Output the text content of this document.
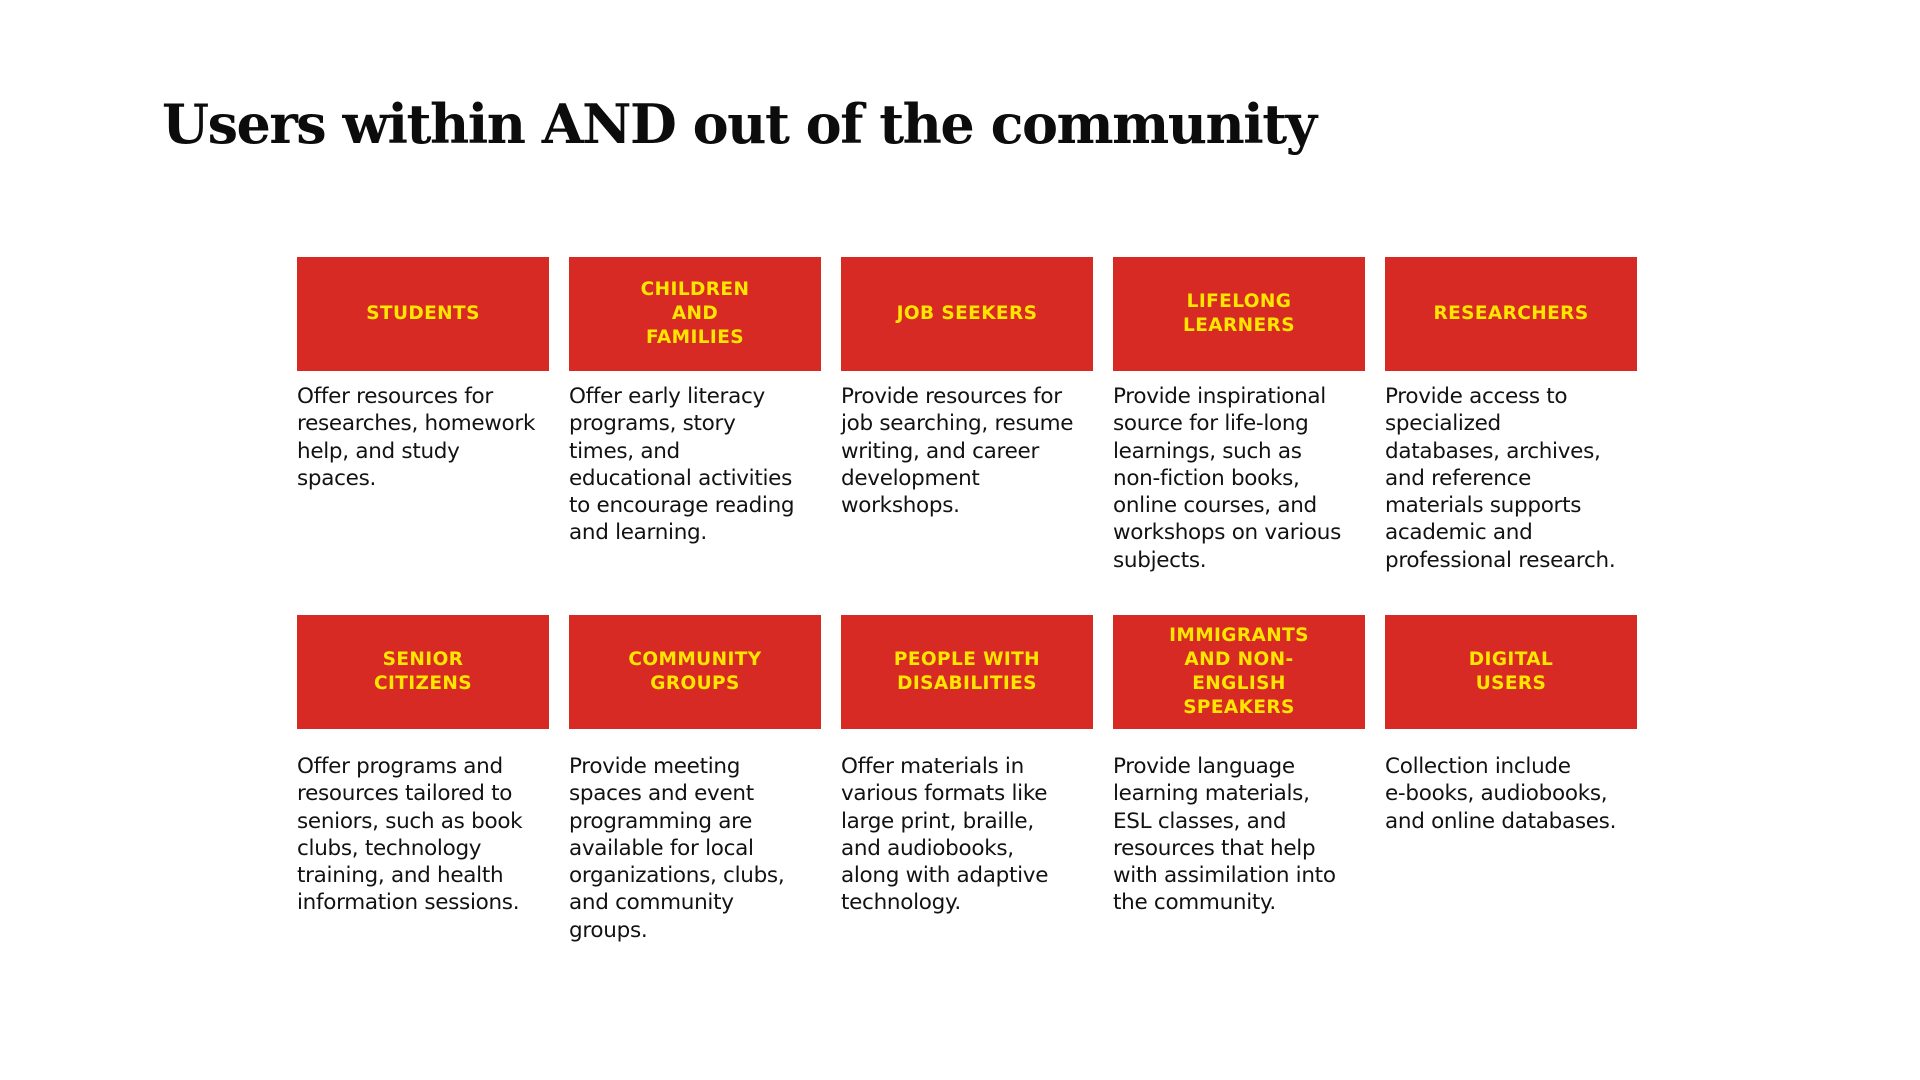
Users within AND out of the community
STUDENTS

Offer resources for
researches, homework
help, and study
spaces.

CHILDREN
AND
FAMILIES

Offer early literacy
programs, story
times, and
educational activities
to encourage reading
and learning.

JOB SEEKERS

Provide resources for
job searching, resume
writing, and career
development
workshops.

LIFELONG
LEARNERS

Provide inspirational
source for life-long
learnings, such as
non-fiction books,
online courses, and
workshops on various
subjects.

RESEARCHERS

Provide access to
specialized
databases, archives,
and reference
materials supports
academic and
professional research.

SENIOR
CITIZENS

Offer programs and
resources tailored to
seniors, such as book
clubs, technology
training, and health
information sessions.

COMMUNITY
GROUPS

Provide meeting
spaces and event
programming are
available for local
organizations, clubs,
and community
groups.

PEOPLE WITH
DISABILITIES

Offer materials in
various formats like
large print, braille,
and audiobooks,
along with adaptive
technology.

IMMIGRANTS
AND NON-
ENGLISH
SPEAKERS

Provide language
learning materials,
ESL classes, and
resources that help
with assimilation into
the community.

DIGITAL
USERS

Collection include
e-books, audiobooks,
and online databases.
